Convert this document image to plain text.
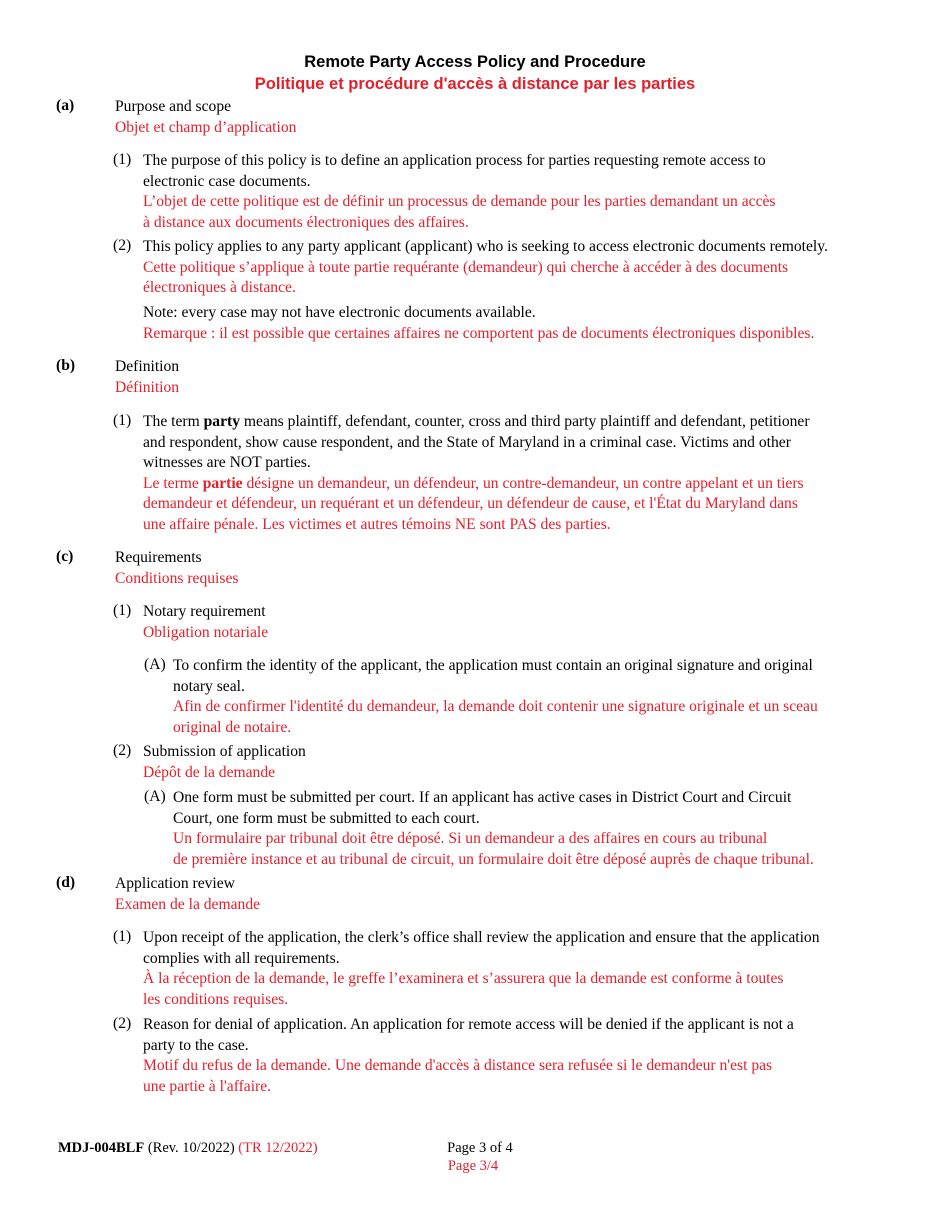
Remote Party Access Policy and Procedure
Politique et procédure d'accès à distance par les parties
(a)	Purpose and scope
Objet et champ d’application
(1) The purpose of this policy is to define an application process for parties requesting remote access to
electronic case documents.
L’objet de cette politique est de définir un processus de demande pour les parties demandant un accès
à distance aux documents électroniques des affaires.
(2) This policy applies to any party applicant (applicant) who is seeking to access electronic documents remotely.
Cette politique s’applique à toute partie requérante (demandeur) qui cherche à accéder à des documents
électroniques à distance.
Note: every case may not have electronic documents available.
Remarque : il est possible que certaines affaires ne comportent pas de documents électroniques disponibles.
(b)	Definition
Définition
(1) The term party means plaintiff, defendant, counter, cross and third party plaintiff and defendant, petitioner
and respondent, show cause respondent, and the State of Maryland in a criminal case. Victims and other
witnesses are NOT parties.
Le terme partie désigne un demandeur, un défendeur, un contre-demandeur, un contre appelant et un tiers
demandeur et défendeur, un requérant et un défendeur, un défendeur de cause, et l'État du Maryland dans
une affaire pénale. Les victimes et autres témoins NE sont PAS des parties.
(c)	Requirements
Conditions requises
(1) Notary requirement
Obligation notariale
(A) To confirm the identity of the applicant, the application must contain an original signature and original
notary seal.
Afin de confirmer l'identité du demandeur, la demande doit contenir une signature originale et un sceau
original de notaire.
(2) Submission of application
Dépôt de la demande
(A) One form must be submitted per court. If an applicant has active cases in District Court and Circuit
Court, one form must be submitted to each court.
Un formulaire par tribunal doit être déposé. Si un demandeur a des affaires en cours au tribunal
de première instance et au tribunal de circuit, un formulaire doit être déposé auprès de chaque tribunal.
(d)	Application review
Examen de la demande
(1) Upon receipt of the application, the clerk’s office shall review the application and ensure that the application
complies with all requirements.
À la réception de la demande, le greffe l’examinera et s’assurera que la demande est conforme à toutes
les conditions requises.
(2) Reason for denial of application. An application for remote access will be denied if the applicant is not a
party to the case.
Motif du refus de la demande. Une demande d'accès à distance sera refusée si le demandeur n'est pas
une partie à l'affaire.
MDJ-004BLF (Rev. 10/2022) (TR 12/2022)	Page 3 of 4
Page 3/4
